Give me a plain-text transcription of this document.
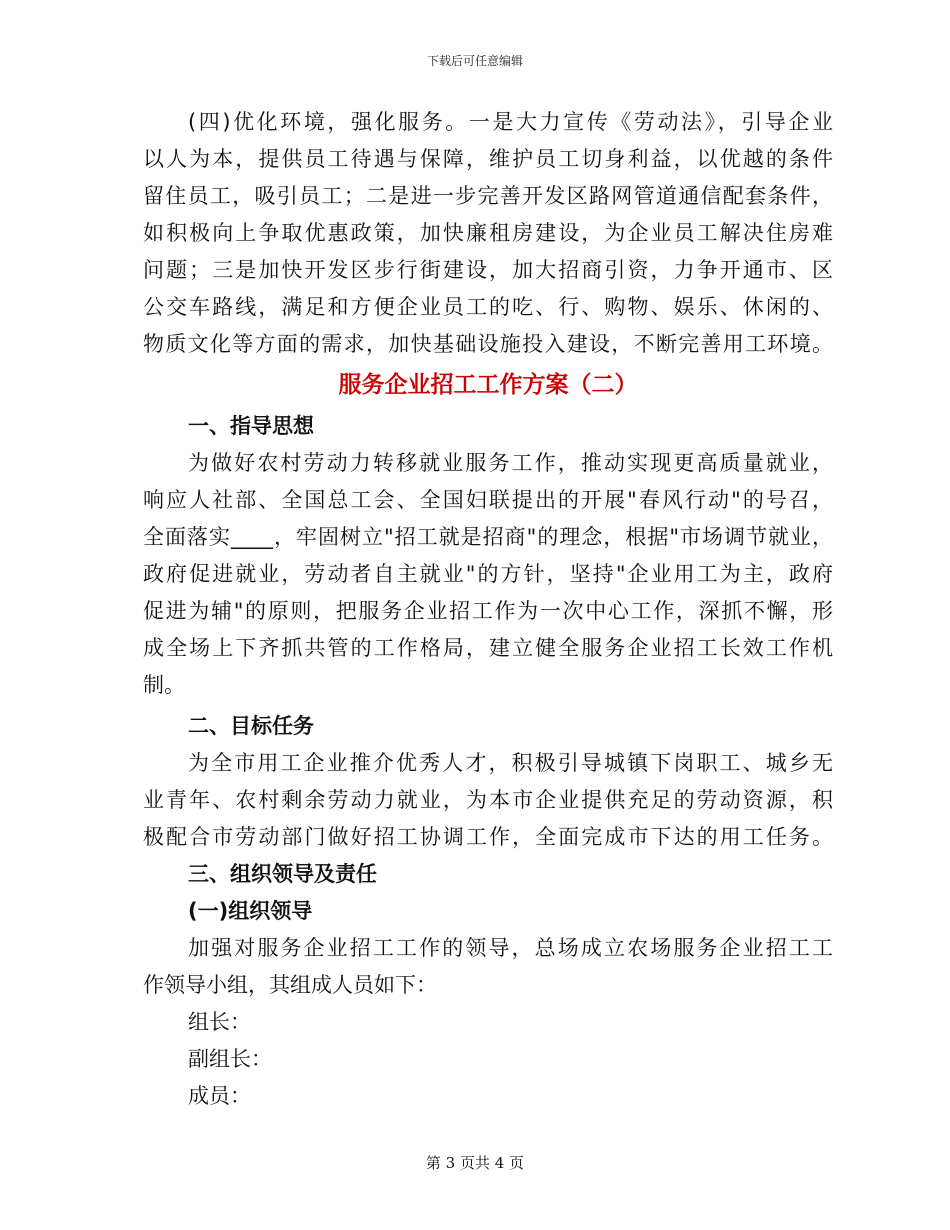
下载后可任意编辑
(四)优化环境，强化服务。一是大力宣传《劳动法》，引导企业
以人为本，提供员工待遇与保障，维护员工切身利益，以优越的条件
留住员工，吸引员工；二是进一步完善开发区路网管道通信配套条件，
如积极向上争取优惠政策，加快廉租房建设，为企业员工解决住房难
问题；三是加快开发区步行街建设，加大招商引资，力争开通市、区
公交车路线，满足和方便企业员工的吃、行、购物、娱乐、休闲的、
物质文化等方面的需求，加快基础设施投入建设，不断完善用工环境。
服务企业招工工作方案（二）
一、指导思想
为做好农村劳动力转移就业服务工作，推动实现更高质量就业，
响应人社部、全国总工会、全国妇联提出的开展"春风行动"的号召，
全面落实____，牢固树立"招工就是招商"的理念，根据"市场调节就业，
政府促进就业，劳动者自主就业"的方针，坚持"企业用工为主，政府
促进为辅"的原则，把服务企业招工作为一次中心工作，深抓不懈，形
成全场上下齐抓共管的工作格局，建立健全服务企业招工长效工作机
制。
二、目标任务
为全市用工企业推介优秀人才，积极引导城镇下岗职工、城乡无
业青年、农村剩余劳动力就业，为本市企业提供充足的劳动资源，积
极配合市劳动部门做好招工协调工作，全面完成市下达的用工任务。
三、组织领导及责任
(一)组织领导
加强对服务企业招工工作的领导，总场成立农场服务企业招工工
作领导小组，其组成人员如下：
组长：
副组长：
成员：
第 3 页共 4 页
